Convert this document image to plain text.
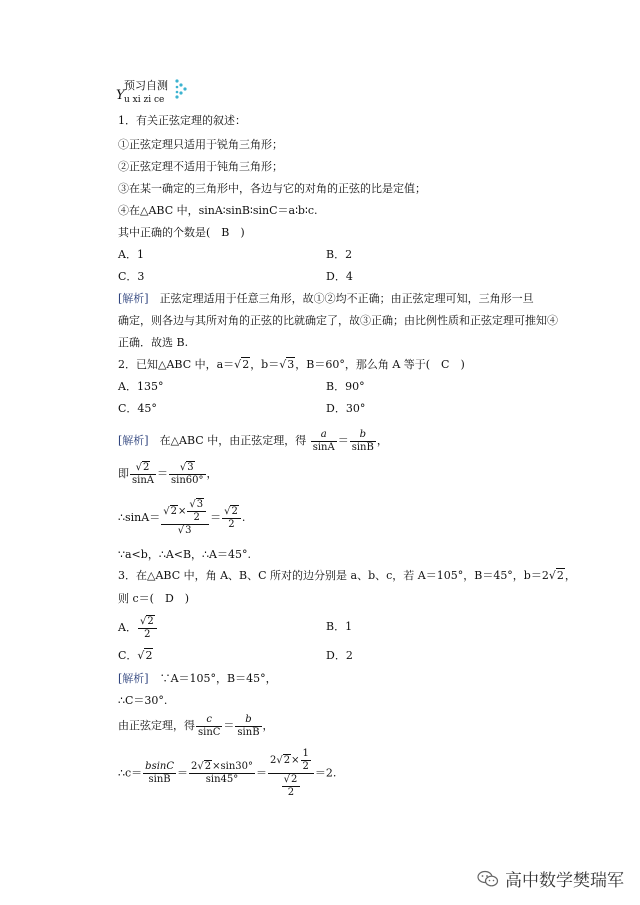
预习自测
Y u xi zi ce
1．有关正弦定理的叙述：
①正弦定理只适用于锐角三角形；
②正弦定理不适用于钝角三角形；
③在某一确定的三角形中，各边与它的对角的正弦的比是定值；
④在△ABC 中，sinA∶sinB∶sinC＝a∶b∶c.
其中正确的个数是(　B　)
A．1	B．2
C．3	D．4
[解析]　正弦定理适用于任意三角形，故①②均不正确；由正弦定理可知，三角形一旦
确定，则各边与其所对角的正弦的比就确定了，故③正确；由比例性质和正弦定理可推知④
正确．故选 B.
2．已知△ABC 中，a＝√2，b＝√3，B＝60°，那么角 A 等于(　C　)
A．135°	B．90°
C．45°	D．30°
[解析]　在△ABC 中，由正弦定理，得 $\frac{a}{\sin A} = \frac{b}{\sin B}$ ，
即 $\frac{√2}{\sin A} = \frac{√3}{\sin 60^\circ}$ ，
∴sinA＝ $\frac{√2\times \frac{√3}{2}}{√3} = \frac{√2}{2}$ .
∵a<b，∴A<B，∴A＝45°.
3．在△ABC 中，角 A、B、C 所对的边分别是 a、b、c，若 A＝105°，B＝45°，b＝2√2，
则 c＝(　D　)
A． $\frac{√2}{2}$	B．1
C．√2	D．2
[解析]　∵A＝105°，B＝45°，
∴C＝30°.
由正弦定理，得 $\frac{c}{\sin C} = \frac{b}{\sin B}$ ，
∴c＝ $\frac{bsinC}{\sin B} = \frac{2√2\times\sin 30^\circ}{\sin 45^\circ} = \frac{2√2\times \frac{1}{2}}{\frac{√2}{2}} =2$.
高中数学樊瑞军
